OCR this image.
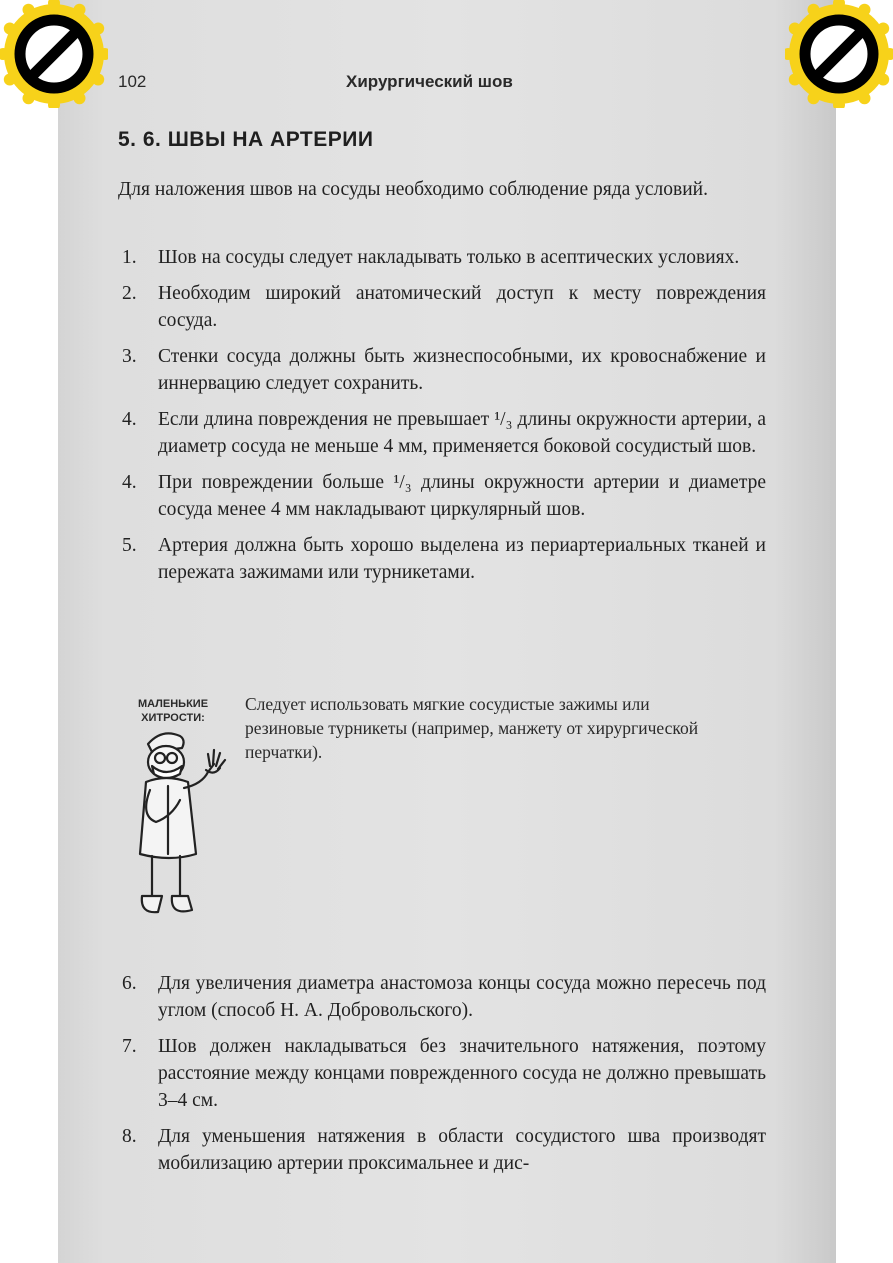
102	Хирургический шов
5. 6. ШВЫ НА АРТЕРИИ
Для наложения швов на сосуды необходимо соблюдение ряда условий.
1. Шов на сосуды следует накладывать только в асептических условиях.
2. Необходим широкий анатомический доступ к месту повреждения сосуда.
3. Стенки сосуда должны быть жизнеспособными, их кровоснабжение и иннервацию следует сохранить.
4. Если длина повреждения не превышает ¹/₃ длины окружности артерии, а диаметр сосуда не меньше 4 мм, применяется боковой сосудистый шов.
4. При повреждении больше ¹/₃ длины окружности артерии и диаметре сосуда менее 4 мм накладывают циркулярный шов.
5. Артерия должна быть хорошо выделена из периартериальных тканей и пережата зажимами или турникетами.
МАЛЕНЬКИЕ
ХИТРОСТИ:
Следует использовать мягкие сосудистые зажимы или резиновые турникеты (например, манжету от хирургической перчатки).
6. Для увеличения диаметра анастомоза концы сосуда можно пересечь под углом (способ Н. А. Добровольского).
7. Шов должен накладываться без значительного натяжения, поэтому расстояние между концами поврежденного сосуда не должно превышать 3–4 см.
8. Для уменьшения натяжения в области сосудистого шва производят мобилизацию артерии проксимальнее и дис-
